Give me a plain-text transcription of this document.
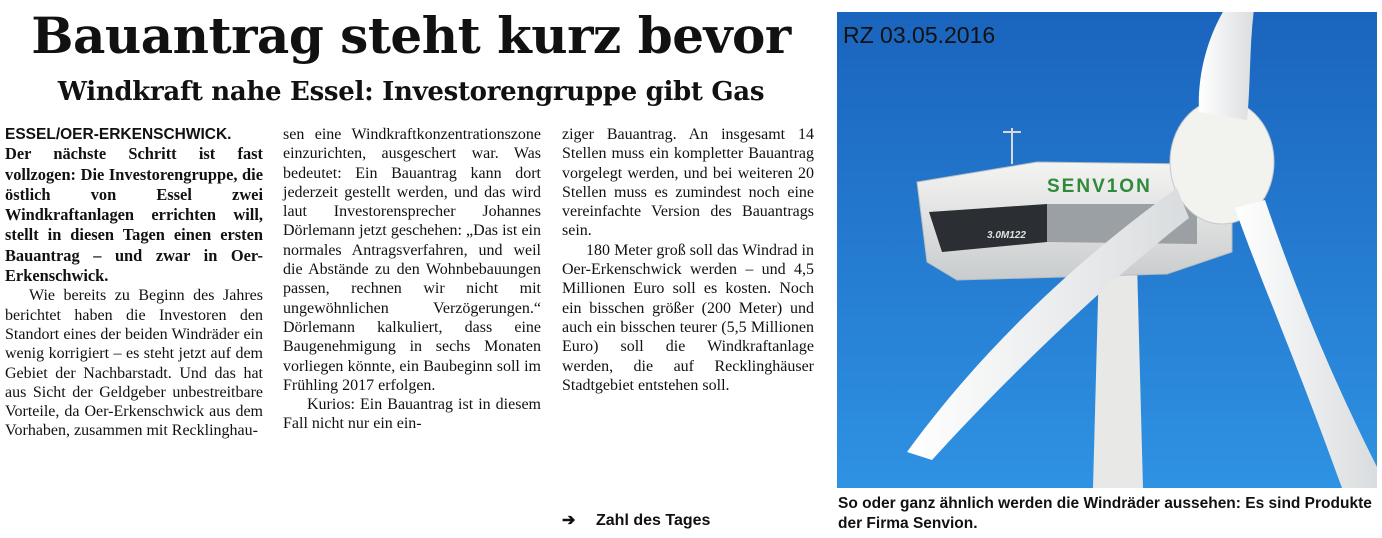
Bauantrag steht kurz bevor
Windkraft nahe Essel: Investorengruppe gibt Gas

ESSEL/OER-ERKENSCHWICK.
Der nächste Schritt ist fast vollzogen: Die Investorengruppe, die östlich von Essel zwei Windkraftanlagen errichten will, stellt in diesen Tagen einen ersten Bauantrag – und zwar in Oer-Erkenschwick.

Wie bereits zu Beginn des Jahres berichtet haben die Investoren den Standort eines der beiden Windräder ein wenig korrigiert – es steht jetzt auf dem Gebiet der Nachbarstadt. Und das hat aus Sicht der Geldgeber unbestreitbare Vorteile, da Oer-Erkenschwick aus dem Vorhaben, zusammen mit Recklinghau-

sen eine Windkraftkonzentrationszone einzurichten, ausgeschert war. Was bedeutet: Ein Bauantrag kann dort jederzeit gestellt werden, und das wird laut Investorensprecher Johannes Dörlemann jetzt geschehen: „Das ist ein normales Antragsverfahren, und weil die Abstände zu den Wohnbebauungen passen, rechnen wir nicht mit ungewöhnlichen Verzögerungen.“ Dörlemann kalkuliert, dass eine Baugenehmigung in sechs Monaten vorliegen könnte, ein Baubeginn soll im Frühling 2017 erfolgen.

Kurios: Ein Bauantrag ist in diesem Fall nicht nur ein ein-

ziger Bauantrag. An insgesamt 14 Stellen muss ein kompletter Bauantrag vorgelegt werden, und bei weiteren 20 Stellen muss es zumindest noch eine vereinfachte Version des Bauantrags sein.

180 Meter groß soll das Windrad in Oer-Erkenschwick werden – und 4,5 Millionen Euro soll es kosten. Noch ein bisschen größer (200 Meter) und auch ein bisschen teurer (5,5 Millionen Euro) soll die Windkraftanlage werden, die auf Recklinghäuser Stadtgebiet entstehen soll.

➔ Zahl des Tages
SENV1ON
3.0M122
RZ 03.05.2016
So oder ganz ähnlich werden die Windräder aussehen: Es sind Produkte der Firma Senvion.
